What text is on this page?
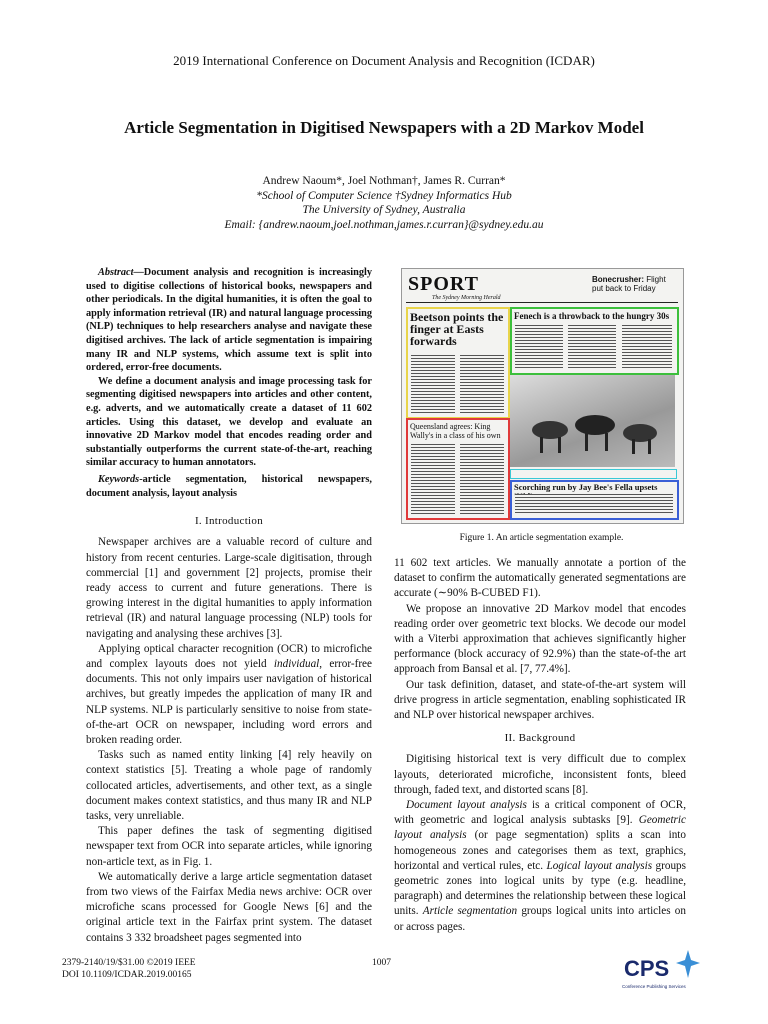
2019 International Conference on Document Analysis and Recognition (ICDAR)
Article Segmentation in Digitised Newspapers with a 2D Markov Model
Andrew Naoum*, Joel Nothman†, James R. Curran*
*School of Computer Science †Sydney Informatics Hub
The University of Sydney, Australia
Email: {andrew.naoum,joel.nothman,james.r.curran}@sydney.edu.au

Abstract—Document analysis and recognition is increasingly used to digitise collections of historical books, newspapers and other periodicals. In the digital humanities, it is often the goal to apply information retrieval (IR) and natural language processing (NLP) techniques to help researchers analyse and navigate these digitised archives. The lack of article segmentation is impairing many IR and NLP systems, which assume text is split into ordered, error-free documents.

We define a document analysis and image processing task for segmenting digitised newspapers into articles and other content, e.g. adverts, and we automatically create a dataset of 11 602 articles. Using this dataset, we develop and evaluate an innovative 2D Markov model that encodes reading order and substantially outperforms the current state-of-the-art, reaching similar accuracy to human annotators.

Keywords-article segmentation, historical newspapers, document analysis, layout analysis

I. Introduction

Newspaper archives are a valuable record of culture and history from recent centuries. Large-scale digitisation, through commercial [1] and government [2] projects, promise their ready access to current and future generations. There is growing interest in the digital humanities to apply information retrieval (IR) and natural language processing (NLP) tools for navigating and analysing these archives [3].

Applying optical character recognition (OCR) to microfiche and complex layouts does not yield individual, error-free documents. This not only impairs user navigation of historical archives, but greatly impedes the application of many IR and NLP systems. NLP is particularly sensitive to noise from state-of-the-art OCR on newspaper, including word errors and broken reading order.

Tasks such as named entity linking [4] rely heavily on context statistics [5]. Treating a whole page of randomly collocated articles, advertisements, and other text, as a single document makes context statistics, and thus many IR and NLP tasks, very unreliable.

This paper defines the task of segmenting digitised newspaper text from OCR into separate articles, while ignoring non-article text, as in Fig. 1.

We automatically derive a large article segmentation dataset from two views of the Fairfax Media news archive: OCR over microfiche scans processed for Google News [6] and the original article text in the Fairfax print system. The dataset contains 3 332 broadsheet pages segmented into

SPORT
The Sydney Morning Herald
Bonecrusher: Flight put back to Friday
Beetson points the finger at Easts forwards
Fenech is a throwback to the hungry 30s
Queensland agrees: King Wally's in a class of his own
Scorching run by Jay Bee's Fella upsets
Figure 1. An article segmentation example.

11 602 text articles. We manually annotate a portion of the dataset to confirm the automatically generated segmentations are accurate (∼90% B-CUBED F1).

We propose an innovative 2D Markov model that encodes reading order over geometric text blocks. We decode our model with a Viterbi approximation that achieves significantly higher performance (block accuracy of 92.9%) than the state-of-the art approach from Bansal et al. [7, 77.4%].

Our task definition, dataset, and state-of-the-art system will drive progress in article segmentation, enabling sophisticated IR and NLP over historical newspaper archives.

II. Background

Digitising historical text is very difficult due to complex layouts, deteriorated microfiche, inconsistent fonts, bleed through, faded text, and distorted scans [8].

Document layout analysis is a critical component of OCR, with geometric and logical analysis subtasks [9]. Geometric layout analysis (or page segmentation) splits a scan into homogeneous zones and categorises them as text, graphics, horizontal and vertical rules, etc. Logical layout analysis groups geometric zones into logical units by type (e.g. headline, paragraph) and determines the relationship between these logical units. Article segmentation groups logical units into articles on or across pages.

2379-2140/19/$31.00 ©2019 IEEE
DOI 10.1109/ICDAR.2019.00165
1007	CPS
Conference Publishing Services
